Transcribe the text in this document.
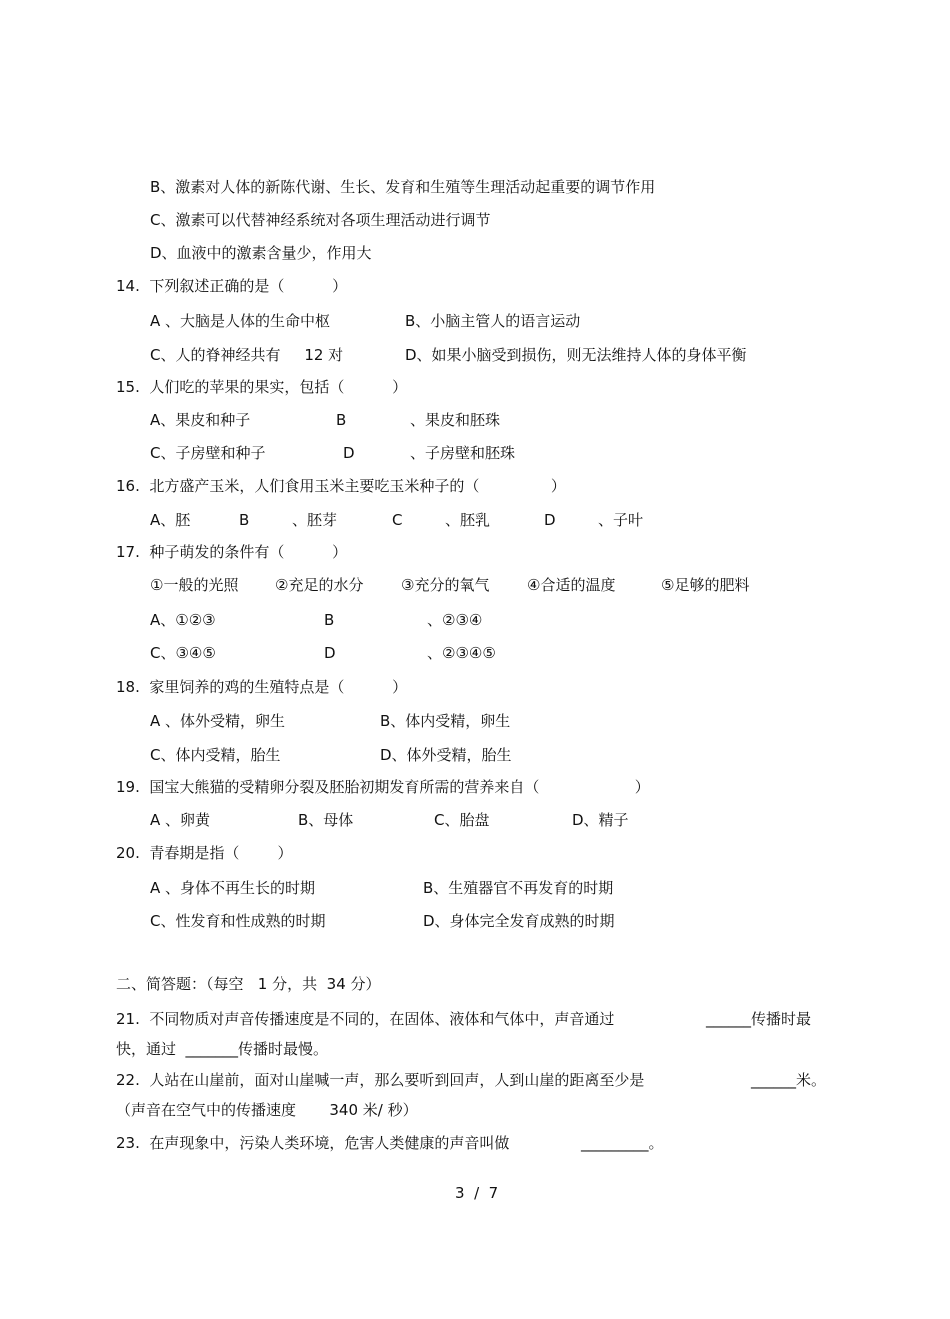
B、激素对人体的新陈代谢、生长、发育和生殖等生理活动起重要的调节作用
C、激素可以代替神经系统对各项生理活动进行调节
D、血液中的激素含量少，作用大
14.  下列叙述正确的是（          ）
A 、大脑是人体的生命中枢	B、小脑主管人的语言运动
C、人的脊神经共有     12 对	D、如果小脑受到损伤，则无法维持人体的身体平衡
15.  人们吃的苹果的果实，包括（          ）
A、果皮和种子	B	、果皮和胚珠
C、子房壁和种子	D	、子房壁和胚珠
16.  北方盛产玉米，人们食用玉米主要吃玉米种子的（               ）
A、胚	B	、胚芽	C	、胚乳	D	、子叶
17.  种子萌发的条件有（          ）
①一般的光照 ②充足的水分	③充分的氧气	④合适的温度	⑤足够的肥料
A、①②③	B	、②③④
C、③④⑤	D	、②③④⑤
18.  家里饲养的鸡的生殖特点是（          ）
A 、体外受精，卵生	B、体内受精，卵生
C、体内受精，胎生	D、体外受精，胎生
19.  国宝大熊猫的受精卵分裂及胚胎初期发育所需的营养来自（                    ）
A 、卵黄	B、母体	C、胎盘	D、精子
20.  青春期是指（        ）
A 、身体不再生长的时期	B、生殖器官不再发育的时期
C、性发育和性成熟的时期	D、身体完全发育成熟的时期
二、简答题：（每空   1 分，共  34 分）
21.  不同物质对声音传播速度是不同的，在固体、液体和气体中，声音通过	______传播时最
快，通过  _______传播时最慢。
22.  人站在山崖前，面对山崖喊一声，那么要听到回声，人到山崖的距离至少是	______米。
（声音在空气中的传播速度       340 米/ 秒）
23.  在声现象中，污染人类环境，危害人类健康的声音叫做	_________。
3  /  7
